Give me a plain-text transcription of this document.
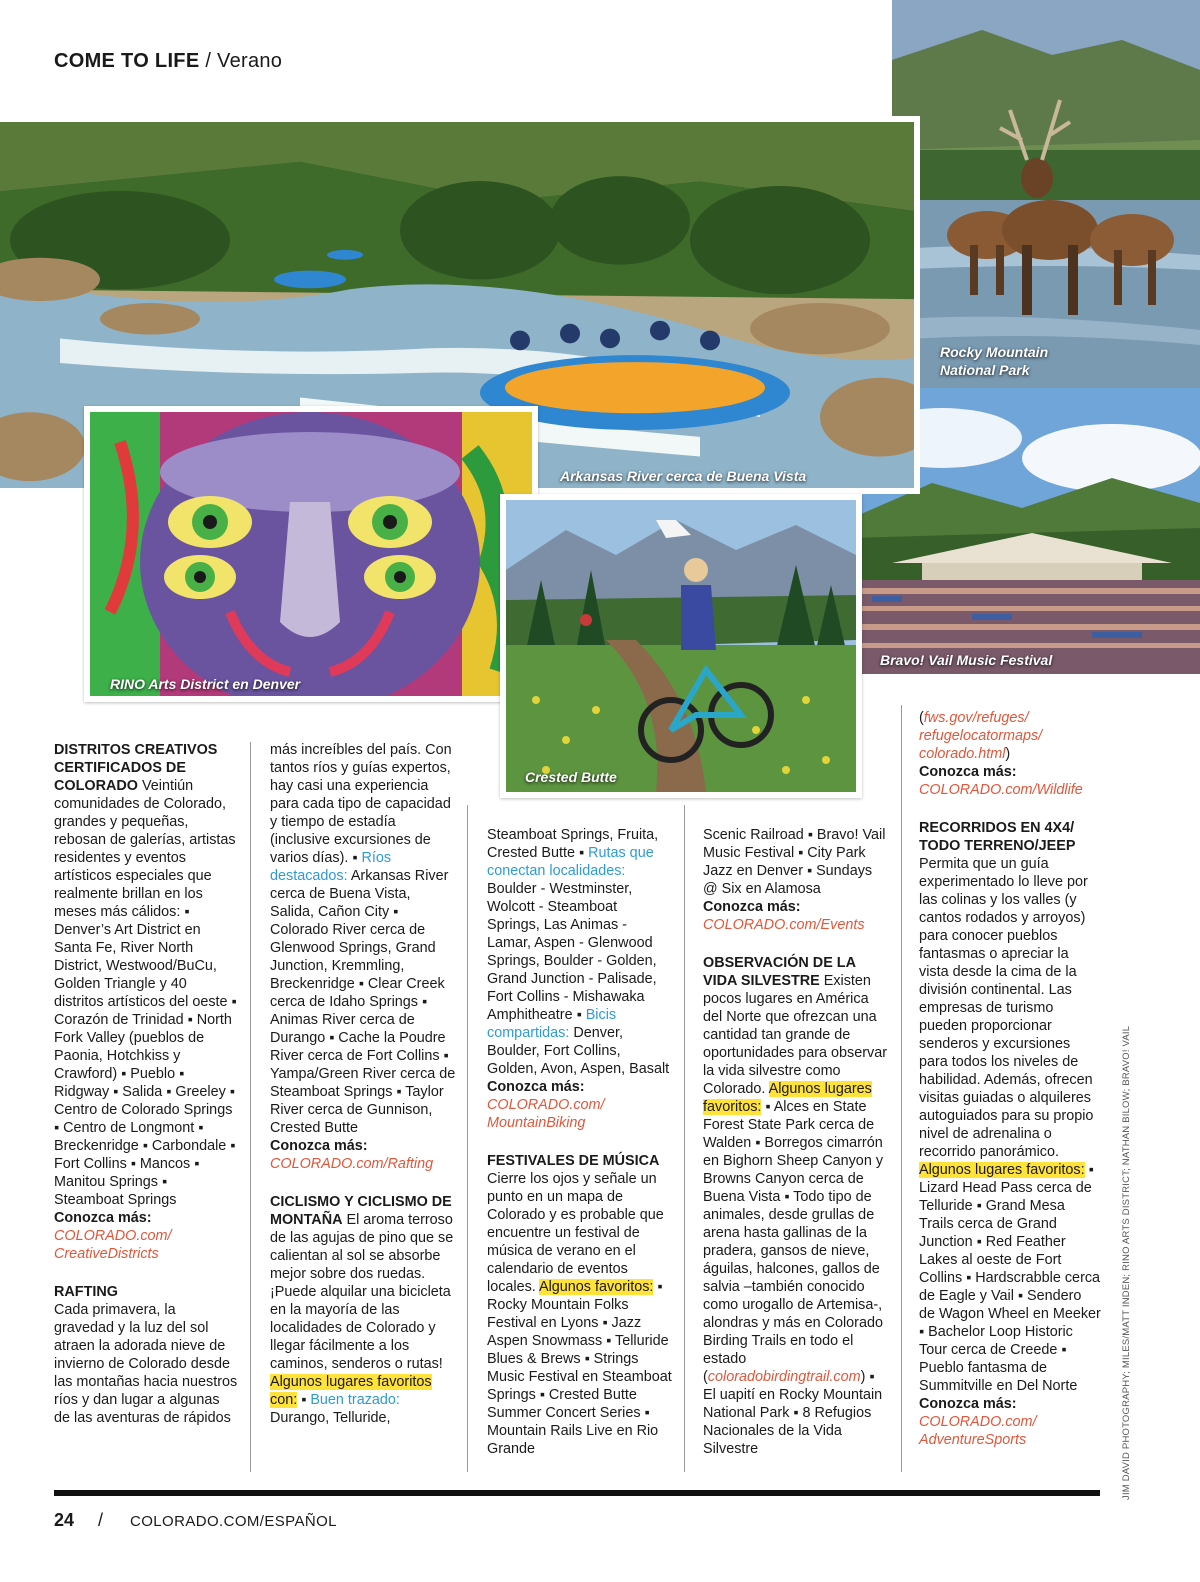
COME TO LIFE / Verano
Rocky Mountain National Park
Bravo! Vail Music Festival
Arkansas River cerca de Buena Vista
RINO Arts District en Denver
Crested Butte

DISTRITOS CREATIVOS CERTIFICADOS DE COLORADO Veintiún comunidades de Colorado, grandes y pequeñas, rebosan de galerías, artistas residentes y eventos artísticos especiales que realmente brillan en los meses más cálidos: ▪ Denver’s Art District en Santa Fe, River North District, Westwood/BuCu, Golden Triangle y 40 distritos artísticos del oeste ▪ Corazón de Trinidad ▪ North Fork Valley (pueblos de Paonia, Hotchkiss y Crawford) ▪ Pueblo ▪ Ridgway ▪ Salida ▪ Greeley ▪ Centro de Colorado Springs ▪ Centro de Longmont ▪ Breckenridge ▪ Carbondale ▪ Fort Collins ▪ Mancos ▪ Manitou Springs ▪ Steamboat Springs

Conozca más:

COLORADO.com/ CreativeDistricts

RAFTING

Cada primavera, la gravedad y la luz del sol atraen la adorada nieve de invierno de Colorado desde las montañas hacia nuestros ríos y dan lugar a algunas de las aventuras de rápidos

más increíbles del país. Con tantos ríos y guías expertos, hay casi una experiencia para cada tipo de capacidad y tiempo de estadía (inclusive excursiones de varios días). ▪ Ríos destacados: Arkansas River cerca de Buena Vista, Salida, Cañon City ▪ Colorado River cerca de Glenwood Springs, Grand Junction, Kremmling, Breckenridge ▪ Clear Creek cerca de Idaho Springs ▪ Animas River cerca de Durango ▪ Cache la Poudre River cerca de Fort Collins ▪ Yampa/Green River cerca de Steamboat Springs ▪ Taylor River cerca de Gunnison, Crested Butte

Conozca más:

COLORADO.com/Rafting

CICLISMO Y CICLISMO DE MONTAÑA El aroma terroso de las agujas de pino que se calientan al sol se absorbe mejor sobre dos ruedas. ¡Puede alquilar una bicicleta en la mayoría de las localidades de Colorado y llegar fácilmente a los caminos, senderos o rutas! Algunos lugares favoritos con: ▪ Buen trazado: Durango, Telluride,

Steamboat Springs, Fruita, Crested Butte ▪ Rutas que conectan localidades: Boulder - Westminster, Wolcott - Steamboat Springs, Las Animas - Lamar, Aspen - Glenwood Springs, Boulder - Golden, Grand Junction - Palisade, Fort Collins - Mishawaka Amphitheatre ▪ Bicis compartidas: Denver, Boulder, Fort Collins, Golden, Avon, Aspen, Basalt

Conozca más:

COLORADO.com/ MountainBiking

FESTIVALES DE MÚSICA

Cierre los ojos y señale un punto en un mapa de Colorado y es probable que encuentre un festival de música de verano en el calendario de eventos locales. Algunos favoritos: ▪ Rocky Mountain Folks Festival en Lyons ▪ Jazz Aspen Snowmass ▪ Telluride Blues & Brews ▪ Strings Music Festival en Steamboat Springs ▪ Crested Butte Summer Concert Series ▪ Mountain Rails Live en Rio Grande

Scenic Railroad ▪ Bravo! Vail Music Festival ▪ City Park Jazz en Denver ▪ Sundays @ Six en Alamosa

Conozca más:

COLORADO.com/Events

OBSERVACIÓN DE LA VIDA SILVESTRE Existen pocos lugares en América del Norte que ofrezcan una cantidad tan grande de oportunidades para observar la vida silvestre como Colorado. Algunos lugares favoritos: ▪ Alces en State Forest State Park cerca de Walden ▪ Borregos cimarrón en Bighorn Sheep Canyon y Browns Canyon cerca de Buena Vista ▪ Todo tipo de animales, desde grullas de arena hasta gallinas de la pradera, gansos de nieve, águilas, halcones, gallos de salvia –también conocido como urogallo de Artemisa-, alondras y más en Colorado Birding Trails en todo el estado (coloradobirdingtrail.com) ▪ El uapití en Rocky Mountain National Park ▪ 8 Refugios Nacionales de la Vida Silvestre

(fws.gov/refuges/ refugelocatormaps/ colorado.html)

Conozca más:

COLORADO.com/Wildlife

RECORRIDOS EN 4X4/ TODO TERRENO/JEEP

Permita que un guía experimentado lo lleve por las colinas y los valles (y cantos rodados y arroyos) para conocer pueblos fantasmas o apreciar la vista desde la cima de la división continental. Las empresas de turismo pueden proporcionar senderos y excursiones para todos los niveles de habilidad. Además, ofrecen visitas guiadas o alquileres autoguiados para su propio nivel de adrenalina o recorrido panorámico. Algunos lugares favoritos: ▪ Lizard Head Pass cerca de Telluride ▪ Grand Mesa Trails cerca de Grand Junction ▪ Red Feather Lakes al oeste de Fort Collins ▪ Hardscrabble cerca de Eagle y Vail ▪ Sendero de Wagon Wheel en Meeker ▪ Bachelor Loop Historic Tour cerca de Creede ▪ Pueblo fantasma de Summitville en Del Norte

Conozca más:

COLORADO.com/ AdventureSports	JIM DAVID PHOTOGRAPHY; MILES/MATT INDEN; RINO ARTS DISTRICT; NATHAN BILOW; BRAVO! VAIL
24 / COLORADO.COM/ESPAÑOL
